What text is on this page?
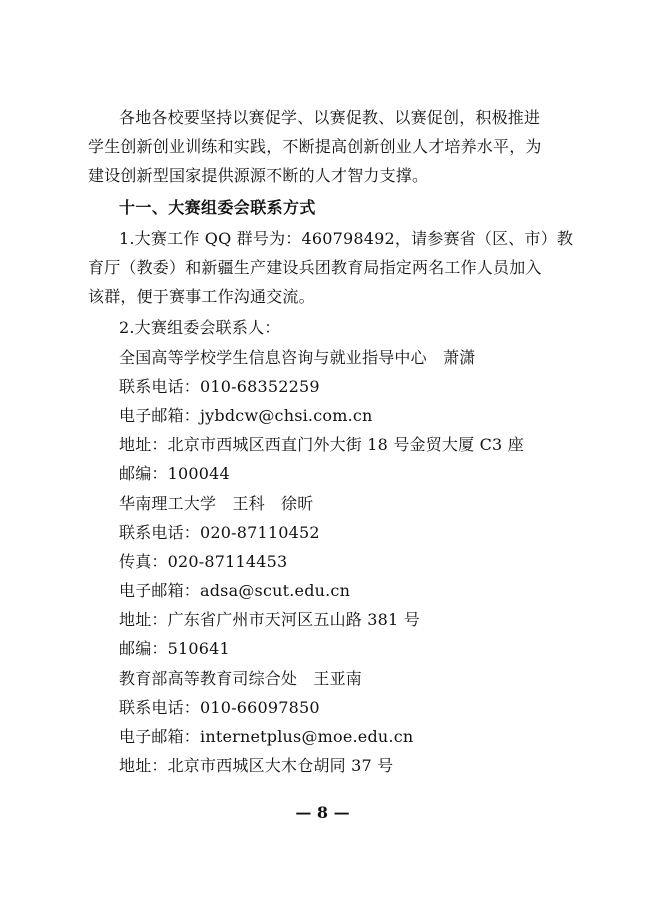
各地各校要坚持以赛促学、以赛促教、以赛促创，积极推进
学生创新创业训练和实践，不断提高创新创业人才培养水平，为
建设创新型国家提供源源不断的人才智力支撑。
十一、大赛组委会联系方式
1.大赛工作 QQ 群号为：460798492，请参赛省（区、市）教
育厅（教委）和新疆生产建设兵团教育局指定两名工作人员加入
该群，便于赛事工作沟通交流。
2.大赛组委会联系人：
全国高等学校学生信息咨询与就业指导中心　萧潇
联系电话：010-68352259
电子邮箱：jybdcw@chsi.com.cn
地址：北京市西城区西直门外大街 18 号金贸大厦 C3 座
邮编：100044
华南理工大学　王科　徐昕
联系电话：020-87110452
传真：020-87114453
电子邮箱：adsa@scut.edu.cn
地址：广东省广州市天河区五山路 381 号
邮编：510641
教育部高等教育司综合处　王亚南
联系电话：010-66097850
电子邮箱：internetplus@moe.edu.cn
地址：北京市西城区大木仓胡同 37 号
— 8 —
